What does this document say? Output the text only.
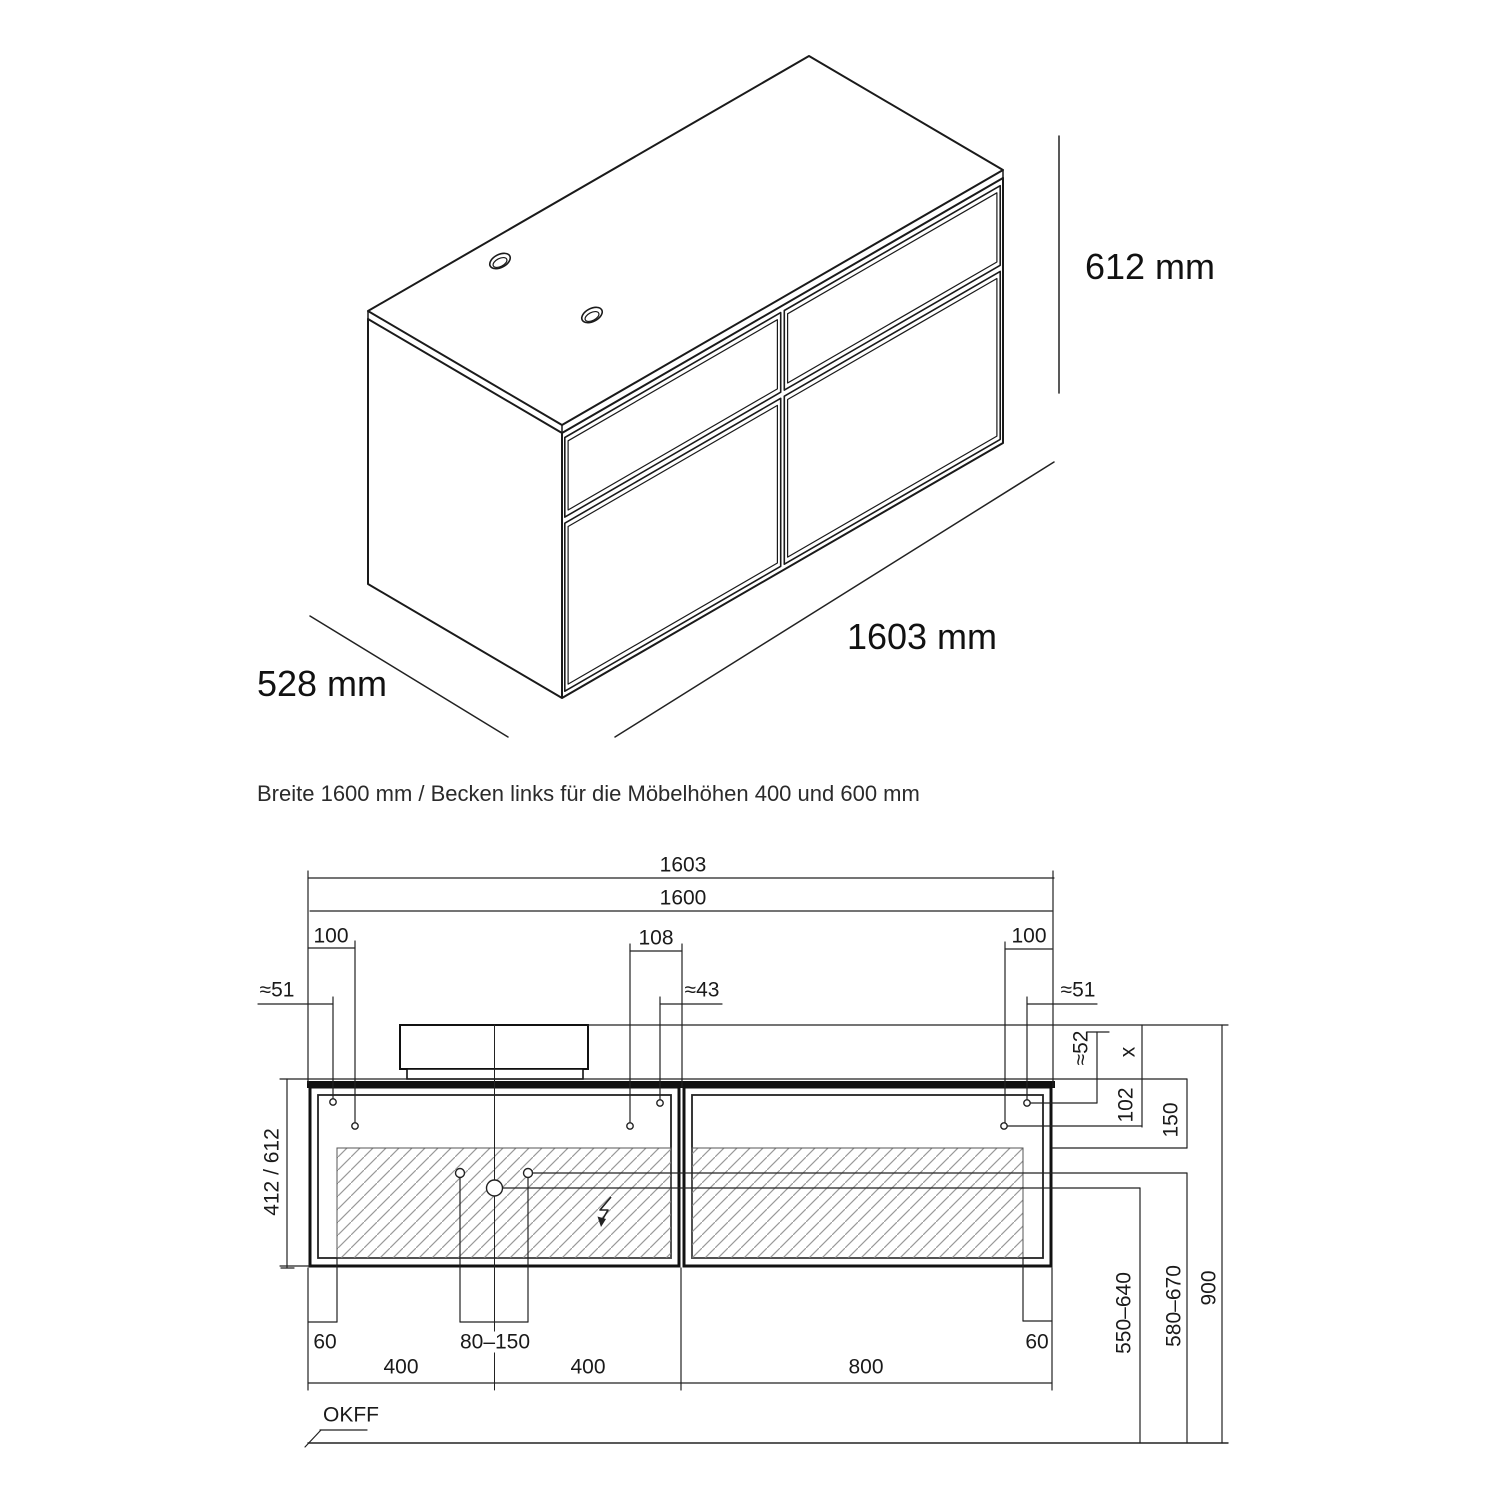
Breite 1600 mm / Becken links für die Möbelhöhen 400 und 600 mm
612 mm
1603 mm
528 mm
1603
1600
100	108	100
≈51	≈43	≈51
≈52 x
102 150
412 / 612
900
550–640 580–670
60	80–150	60
400	400	800
OKFF
